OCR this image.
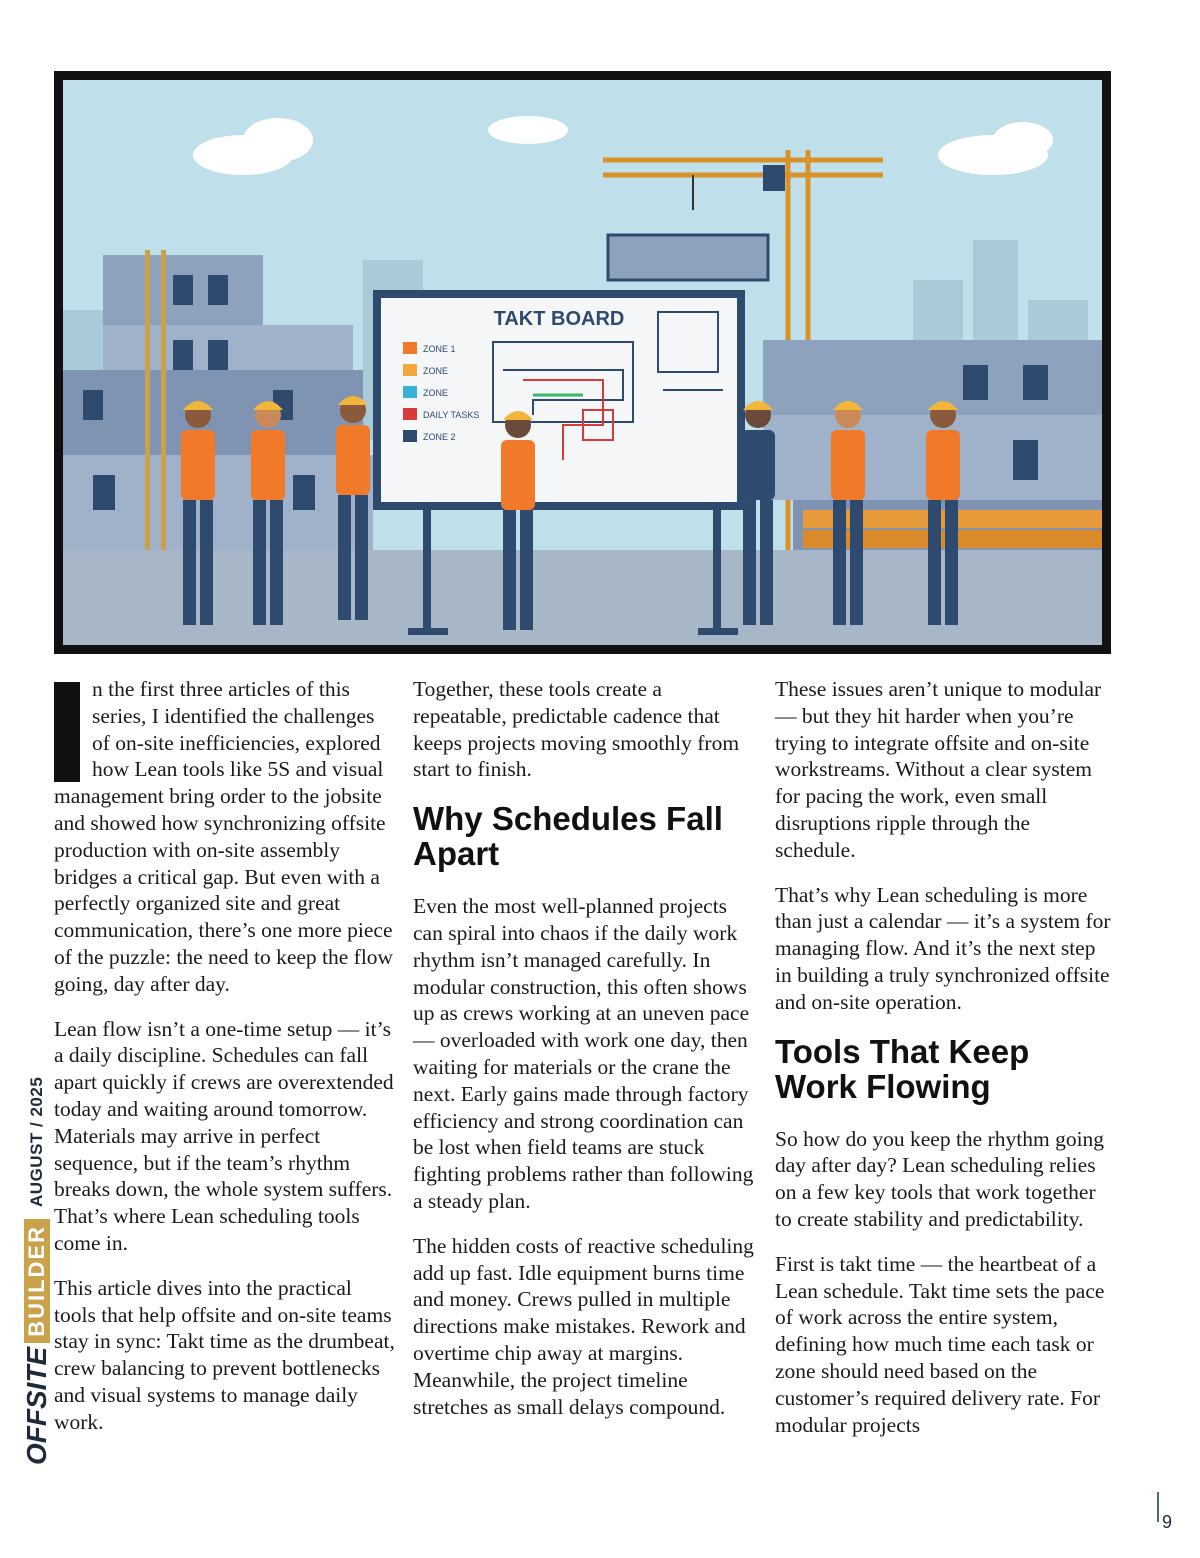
TAKT BOARD
ZONE 1
ZONE
ZONE
DAILY TASKS
ZONE 2

n the first three articles of this series, I identified the challenges of on-site inefficiencies, explored how Lean tools like 5S and visual management bring order to the jobsite and showed how synchronizing offsite production with on-site assembly bridges a critical gap. But even with a perfectly organized site and great communication, there’s one more piece of the puzzle: the need to keep the flow going, day after day.

Lean flow isn’t a one-time setup — it’s a daily discipline. Schedules can fall apart quickly if crews are overextended today and waiting around tomorrow. Materials may arrive in perfect sequence, but if the team’s rhythm breaks down, the whole system suffers. That’s where Lean scheduling tools come in.

This article dives into the practical tools that help offsite and on-site teams stay in sync: Takt time as the drumbeat, crew balancing to prevent bottlenecks and visual systems to manage daily work.

Together, these tools create a repeatable, predictable cadence that keeps projects moving smoothly from start to finish.

Why Schedules Fall Apart

Even the most well-planned projects can spiral into chaos if the daily work rhythm isn’t managed carefully. In modular construction, this often shows up as crews working at an uneven pace — overloaded with work one day, then waiting for materials or the crane the next. Early gains made through factory efficiency and strong coordination can be lost when field teams are stuck fighting problems rather than following a steady plan.

The hidden costs of reactive scheduling add up fast. Idle equipment burns time and money. Crews pulled in multiple directions make mistakes. Rework and overtime chip away at margins. Meanwhile, the project timeline stretches as small delays compound.

These issues aren’t unique to modular — but they hit harder when you’re trying to integrate offsite and on-site workstreams. Without a clear system for pacing the work, even small disruptions ripple through the schedule.

That’s why Lean scheduling is more than just a calendar — it’s a system for managing flow. And it’s the next step in building a truly synchronized offsite and on-site operation.

Tools That Keep Work Flowing

So how do you keep the rhythm going day after day? Lean scheduling relies on a few key tools that work together to create stability and predictability.

First is takt time — the heartbeat of a Lean schedule. Takt time sets the pace of work across the entire system, defining how much time each task or zone should need based on the customer’s required delivery rate. For modular projects

OFFSITE
BUILDER
AUGUST / 2025
9
